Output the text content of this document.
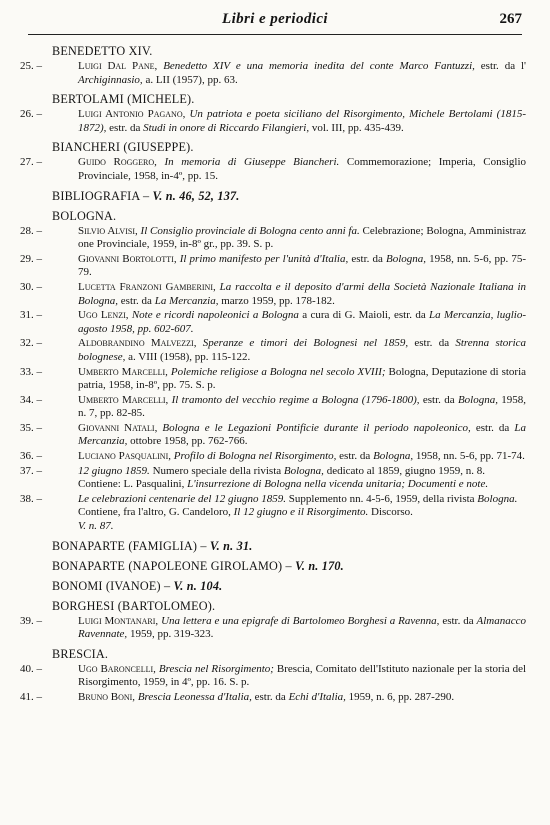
Libri e periodici	267
BENEDETTO XIV.
25. –	Luigi Dal Pane, Benedetto XIV e una memoria inedita del conte Marco Fantuzzi, estr. da l' Archiginnasio, a. LII (1957), pp. 63.
BERTOLAMI (MICHELE).
26. –	Luigi Antonio Pagano, Un patriota e poeta siciliano del Risorgimento, Michele Bertolami (1815-1872), estr. da Studi in onore di Riccardo Filangieri, vol. III, pp. 435-439.
BIANCHERI (GIUSEPPE).
27. –	Guido Roggero, In memoria di Giuseppe Biancheri. Commemorazione; Imperia, Consiglio Provinciale, 1958, in-4º, pp. 15.
BIBLIOGRAFIA – V. n. 46, 52, 137.
BOLOGNA.
28. –	Silvio Alvisi, Il Consiglio provinciale di Bologna cento anni fa. Celebrazione; Bologna, Amministraz one Provinciale, 1959, in-8º gr., pp. 39. S. p.
29. –	Giovanni Bortolotti, Il primo manifesto per l'unità d'Italia, estr. da Bologna, 1958, nn. 5-6, pp. 75-79.
30. –	Lucetta Franzoni Gamberini, La raccolta e il deposito d'armi della Società Nazionale Italiana in Bologna, estr. da La Mercanzia, marzo 1959, pp. 178-182.
31. –	Ugo Lenzi, Note e ricordi napoleonici a Bologna a cura di G. Maioli, estr. da La Mercanzia, luglio-agosto 1958, pp. 602-607.
32. –	Aldobrandino Malvezzi, Speranze e timori dei Bolognesi nel 1859, estr. da Strenna storica bolognese, a. VIII (1958), pp. 115-122.
33. –	Umberto Marcelli, Polemiche religiose a Bologna nel secolo XVIII; Bologna, Deputazione di storia patria, 1958, in-8º, pp. 75. S. p.
34. –	Umberto Marcelli, Il tramonto del vecchio regime a Bologna (1796-1800), estr. da Bologna, 1958, n. 7, pp. 82-85.
35. –	Giovanni Natali, Bologna e le Legazioni Pontificie durante il periodo napoleonico, estr. da La Mercanzia, ottobre 1958, pp. 762-766.
36. –	Luciano Pasqualini, Profilo di Bologna nel Risorgimento, estr. da Bologna, 1958, nn. 5-6, pp. 71-74.
37. –	12 giugno 1859. Numero speciale della rivista Bologna, dedicato al 1859, giugno 1959, n. 8.
Contiene: L. Pasqualini, L'insurrezione di Bologna nella vicenda unitaria; Documenti e note.
38. –	Le celebrazioni centenarie del 12 giugno 1859. Supplemento nn. 4-5-6, 1959, della rivista Bologna.
Contiene, fra l'altro, G. Candeloro, Il 12 giugno e il Risorgimento. Discorso.
V. n. 87.
BONAPARTE (FAMIGLIA) – V. n. 31.
BONAPARTE (NAPOLEONE GIROLAMO) – V. n. 170.
BONOMI (IVANOE) – V. n. 104.
BORGHESI (BARTOLOMEO).
39. –	Luigi Montanari, Una lettera e una epigrafe di Bartolomeo Borghesi a Ravenna, estr. da Almanacco Ravennate, 1959, pp. 319-323.
BRESCIA.
40. –	Ugo Baroncelli, Brescia nel Risorgimento; Brescia, Comitato dell'Istituto nazionale per la storia del Risorgimento, 1959, in 4º, pp. 16. S. p.
41. –	Bruno Boni, Brescia Leonessa d'Italia, estr. da Echi d'Italia, 1959, n. 6, pp. 287-290.
